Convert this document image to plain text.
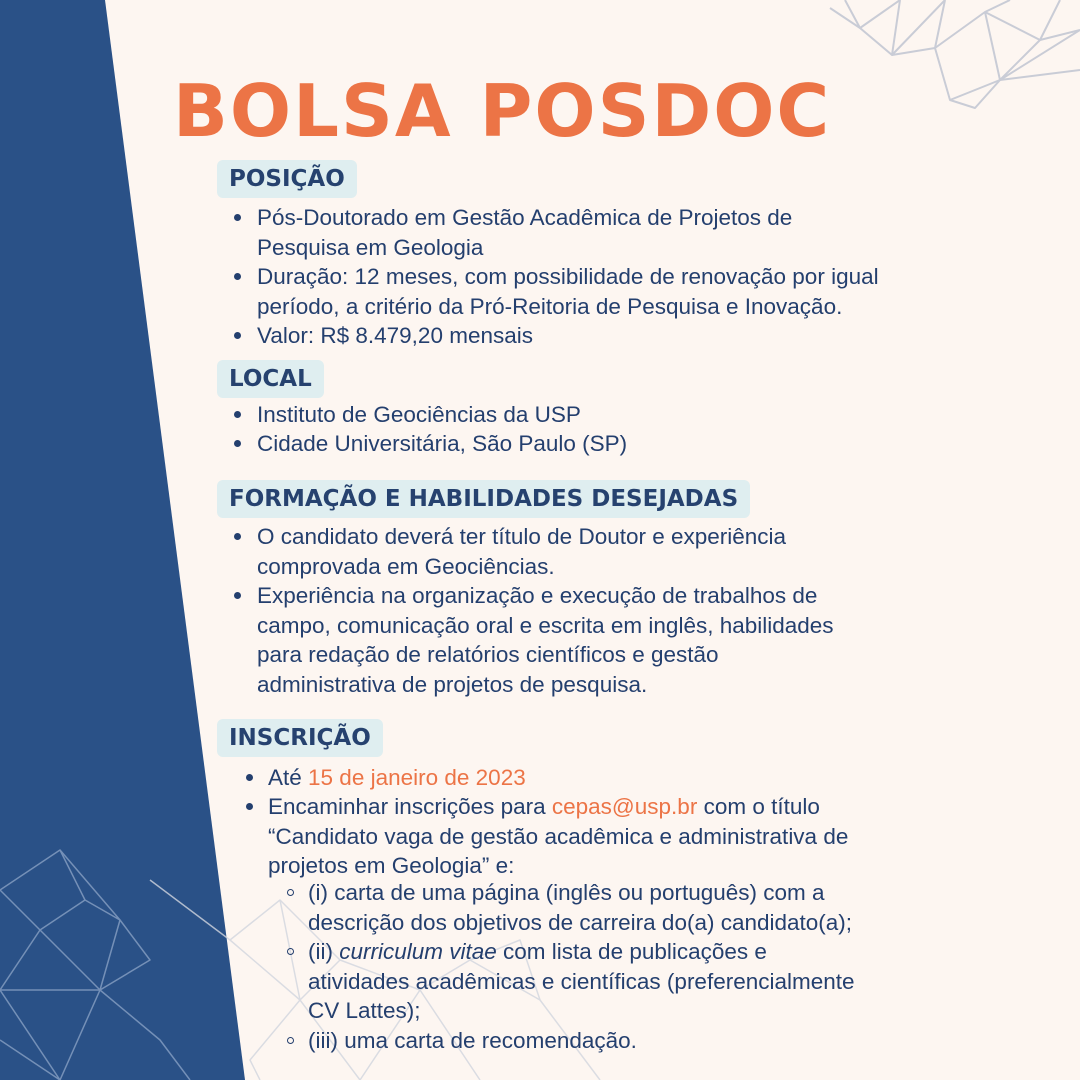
BOLSA POSDOC
POSIÇÃO
Pós-Doutorado em Gestão Acadêmica de Projetos de
Pesquisa em Geologia
Duração: 12 meses, com possibilidade de renovação por igual
período, a critério da Pró-Reitoria de Pesquisa e Inovação.
Valor: R$ 8.479,20 mensais
LOCAL
Instituto de Geociências da USP
Cidade Universitária, São Paulo (SP)
FORMAÇÃO E HABILIDADES DESEJADAS
O candidato deverá ter título de Doutor e experiência
comprovada em Geociências.
Experiência na organização e execução de trabalhos de
campo, comunicação oral e escrita em inglês, habilidades
para redação de relatórios científicos e gestão
administrativa de projetos de pesquisa.
INSCRIÇÃO
Até 15 de janeiro de 2023
Encaminhar inscrições para cepas@usp.br com o título
“Candidato vaga de gestão acadêmica e administrativa de
projetos em Geologia” e:
(i) carta de uma página (inglês ou português) com a
descrição dos objetivos de carreira do(a) candidato(a);
(ii) curriculum vitae com lista de publicações e
atividades acadêmicas e científicas (preferencialmente
CV Lattes);
(iii) uma carta de recomendação.
